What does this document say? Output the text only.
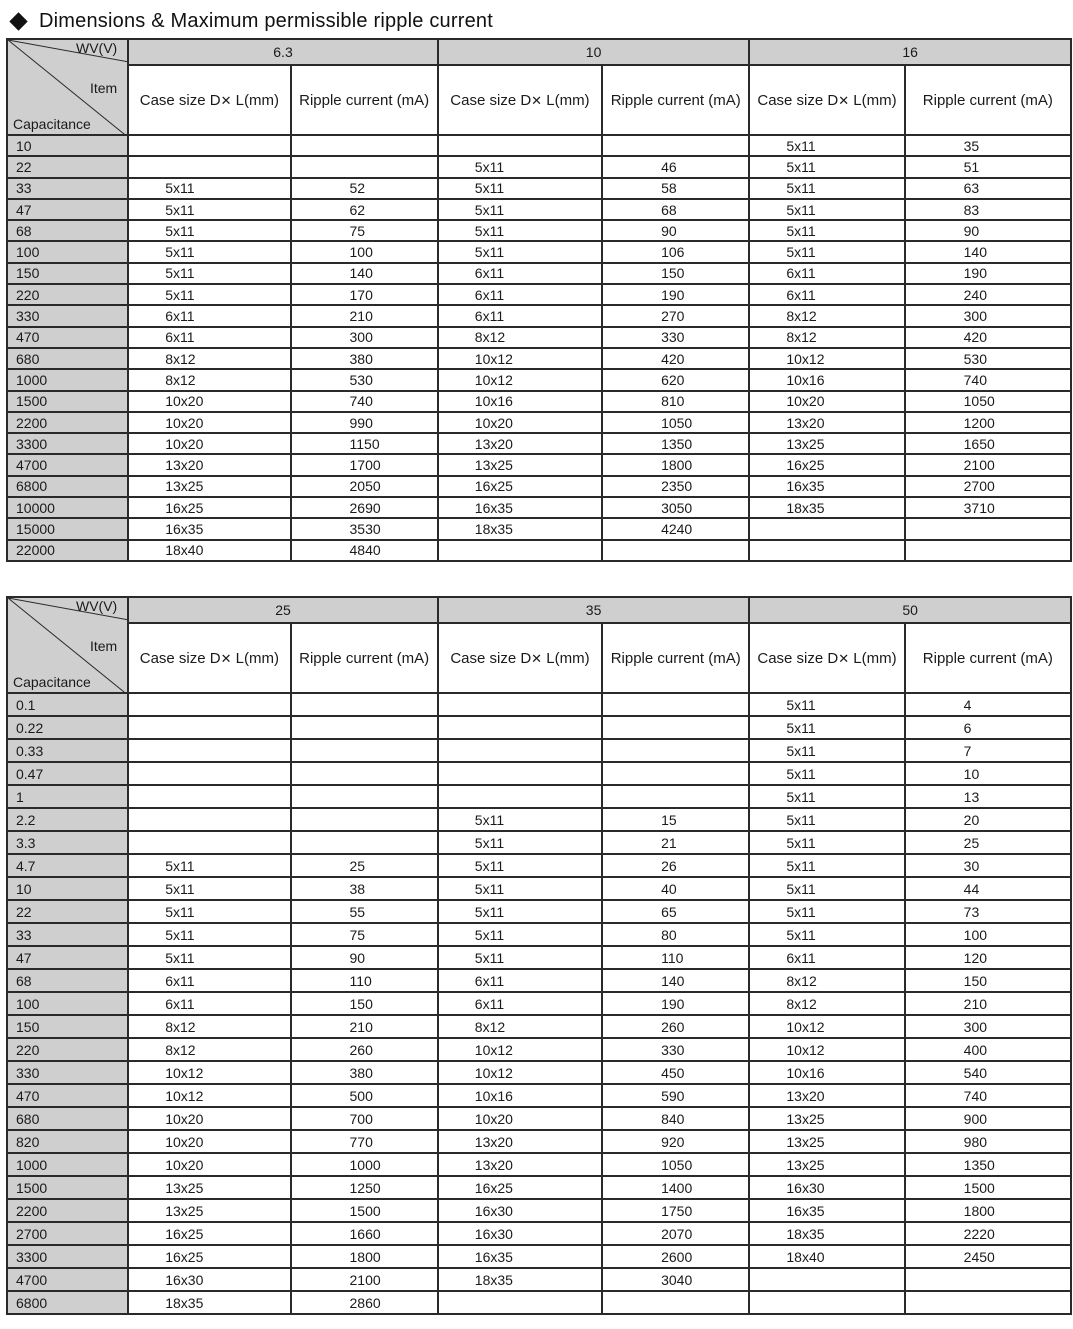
Dimensions & Maximum permissible ripple current
WV(V)
Item
Capacitance	6.3		10		16	
	Case size D✕ L(mm)	Ripple current (mA)	Case size D✕ L(mm)	Ripple current (mA)	Case size D✕ L(mm)	Ripple current (mA)
10					5x11	35
22			5x11	46	5x11	51
33	5x11	52	5x11	58	5x11	63
47	5x11	62	5x11	68	5x11	83
68	5x11	75	5x11	90	5x11	90
100	5x11	100	5x11	106	5x11	140
150	5x11	140	6x11	150	6x11	190
220	5x11	170	6x11	190	6x11	240
330	6x11	210	6x11	270	8x12	300
470	6x11	300	8x12	330	8x12	420
680	8x12	380	10x12	420	10x12	530
1000	8x12	530	10x12	620	10x16	740
1500	10x20	740	10x16	810	10x20	1050
2200	10x20	990	10x20	1050	13x20	1200
3300	10x20	1150	13x20	1350	13x25	1650
4700	13x20	1700	13x25	1800	16x25	2100
6800	13x25	2050	16x25	2350	16x35	2700
10000	16x25	2690	16x35	3050	18x35	3710
15000	16x35	3530	18x35	4240		
22000	18x40	4840				
WV(V)
Item
Capacitance	25		35		50	
	Case size D✕ L(mm)	Ripple current (mA)	Case size D✕ L(mm)	Ripple current (mA)	Case size D✕ L(mm)	Ripple current (mA)
0.1					5x11	4
0.22					5x11	6
0.33					5x11	7
0.47					5x11	10
1					5x11	13
2.2			5x11	15	5x11	20
3.3			5x11	21	5x11	25
4.7	5x11	25	5x11	26	5x11	30
10	5x11	38	5x11	40	5x11	44
22	5x11	55	5x11	65	5x11	73
33	5x11	75	5x11	80	5x11	100
47	5x11	90	5x11	110	6x11	120
68	6x11	110	6x11	140	8x12	150
100	6x11	150	6x11	190	8x12	210
150	8x12	210	8x12	260	10x12	300
220	8x12	260	10x12	330	10x12	400
330	10x12	380	10x12	450	10x16	540
470	10x12	500	10x16	590	13x20	740
680	10x20	700	10x20	840	13x25	900
820	10x20	770	13x20	920	13x25	980
1000	10x20	1000	13x20	1050	13x25	1350
1500	13x25	1250	16x25	1400	16x30	1500
2200	13x25	1500	16x30	1750	16x35	1800
2700	16x25	1660	16x30	2070	18x35	2220
3300	16x25	1800	16x35	2600	18x40	2450
4700	16x30	2100	18x35	3040		
6800	18x35	2860				
